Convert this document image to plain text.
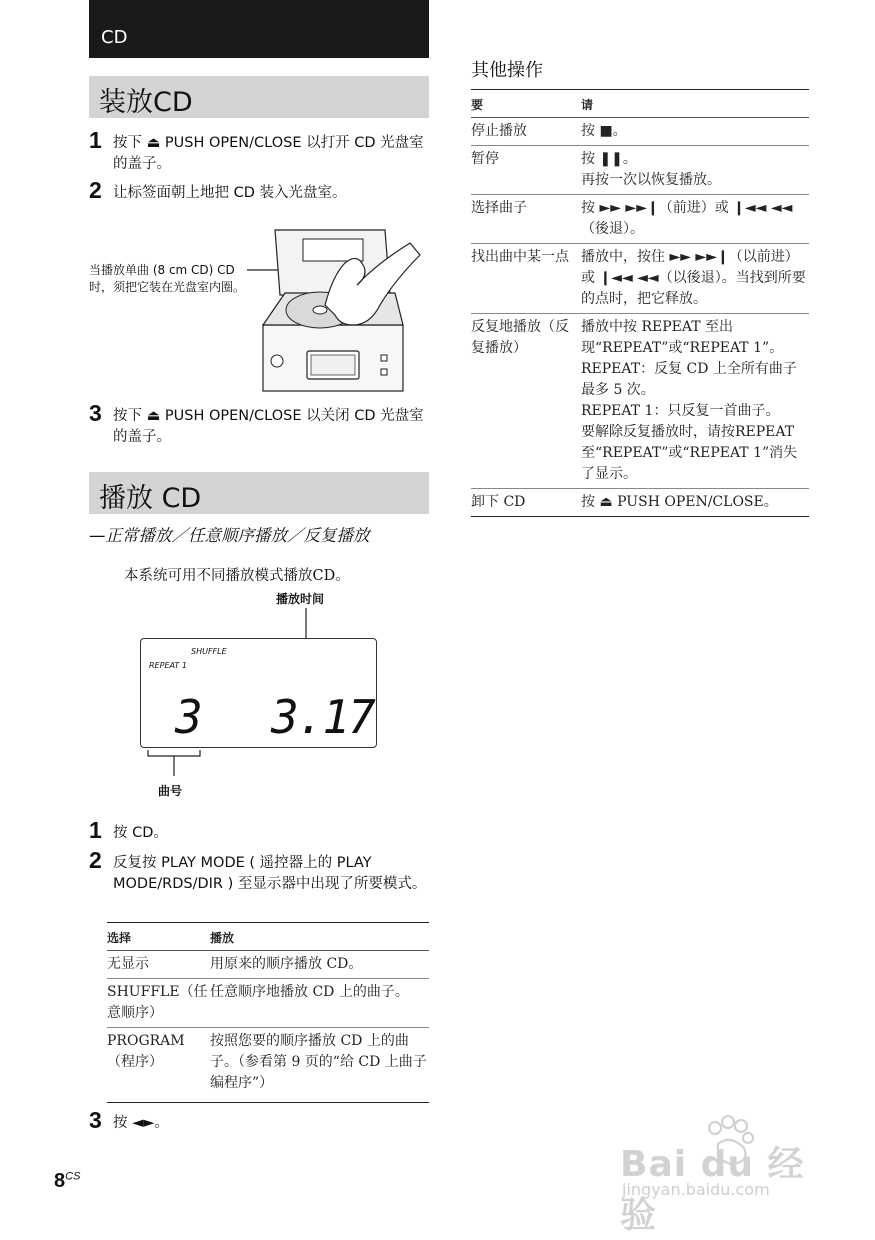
CD
装放CD
1 按下 ⏏ PUSH OPEN/CLOSE 以打开 CD 光盘室的盖子。
2 让标签面朝上地把 CD 装入光盘室。
当播放单曲 (8 cm CD) CD 时，须把它装在光盘室内圈。
3 按下 ⏏ PUSH OPEN/CLOSE 以关闭 CD 光盘室的盖子。
播放 CD
—正常播放／任意顺序播放／反复播放
本系统可用不同播放模式播放CD。
播放时间
SHUFFLE
REPEAT 1
3 3.17
曲号
1 按 CD。
2 反复按 PLAY MODE ( 遥控器上的 PLAY MODE/RDS/DIR ) 至显示器中出现了所要模式。
选择	播放
无显示	用原来的顺序播放 CD。
SHUFFLE（任意顺序）	任意顺序地播放 CD 上的曲子。
PROGRAM（程序）	按照您要的顺序播放 CD 上的曲子。（参看第 9 页的“给 CD 上曲子编程序”）
3 按 ◄►。
其他操作
要	请
停止播放	按 ■。

暂停	按 ❚❚。
再按一次以恢复播放。

选择曲子	按 ►► ►►❙（前进）或 ❙◄◄ ◄◄（後退）。

找出曲中某一点	播放中，按住 ►► ►►❙（以前进）或 ❙◄◄ ◄◄（以後退）。当找到所要的点时，把它释放。

反复地播放（反复播放）	播放中按 REPEAT 至出现“REPEAT”或“REPEAT 1”。
REPEAT：反复 CD 上全所有曲子最多 5 次。
REPEAT 1：只反复一首曲子。
要解除反复播放时，请按REPEAT至“REPEAT”或“REPEAT 1”消失了显示。

卸下 CD	按 ⏏ PUSH OPEN/CLOSE。
$8^{CS}$	Bai du 经验
jingyan.baidu.com
